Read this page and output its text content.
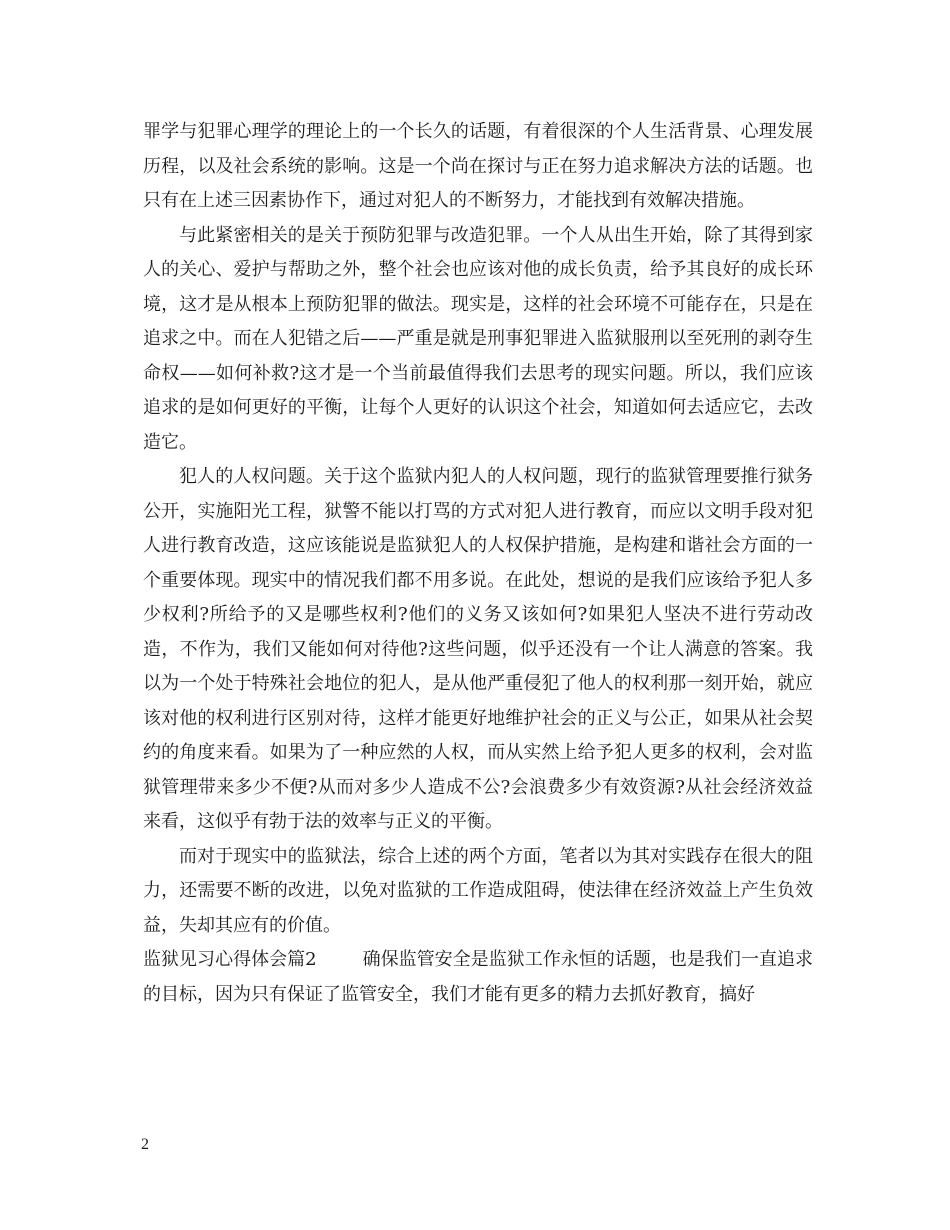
罪学与犯罪心理学的理论上的一个长久的话题，有着很深的个人生活背景、心理发展历程，以及社会系统的影响。这是一个尚在探讨与正在努力追求解决方法的话题。也只有在上述三因素协作下，通过对犯人的不断努力，才能找到有效解决措施。

与此紧密相关的是关于预防犯罪与改造犯罪。一个人从出生开始，除了其得到家人的关心、爱护与帮助之外，整个社会也应该对他的成长负责，给予其良好的成长环境，这才是从根本上预防犯罪的做法。现实是，这样的社会环境不可能存在，只是在追求之中。而在人犯错之后——严重是就是刑事犯罪进入监狱服刑以至死刑的剥夺生命权——如何补救?这才是一个当前最值得我们去思考的现实问题。所以，我们应该追求的是如何更好的平衡，让每个人更好的认识这个社会，知道如何去适应它，去改造它。

犯人的人权问题。关于这个监狱内犯人的人权问题，现行的监狱管理要推行狱务公开，实施阳光工程，狱警不能以打骂的方式对犯人进行教育，而应以文明手段对犯人进行教育改造，这应该能说是监狱犯人的人权保护措施，是构建和谐社会方面的一个重要体现。现实中的情况我们都不用多说。在此处，想说的是我们应该给予犯人多少权利?所给予的又是哪些权利?他们的义务又该如何?如果犯人坚决不进行劳动改造，不作为，我们又能如何对待他?这些问题，似乎还没有一个让人满意的答案。我以为一个处于特殊社会地位的犯人，是从他严重侵犯了他人的权利那一刻开始，就应该对他的权利进行区别对待，这样才能更好地维护社会的正义与公正，如果从社会契约的角度来看。如果为了一种应然的人权，而从实然上给予犯人更多的权利，会对监狱管理带来多少不便?从而对多少人造成不公?会浪费多少有效资源?从社会经济效益来看，这似乎有勃于法的效率与正义的平衡。

而对于现实中的监狱法，综合上述的两个方面，笔者以为其对实践存在很大的阻力，还需要不断的改进，以免对监狱的工作造成阻碍，使法律在经济效益上产生负效益，失却其应有的价值。

监狱见习心得体会篇2	确保监管安全是监狱工作永恒的话题，也是我们一直追求的目标，因为只有保证了监管安全，我们才能有更多的精力去抓好教育，搞好

2
